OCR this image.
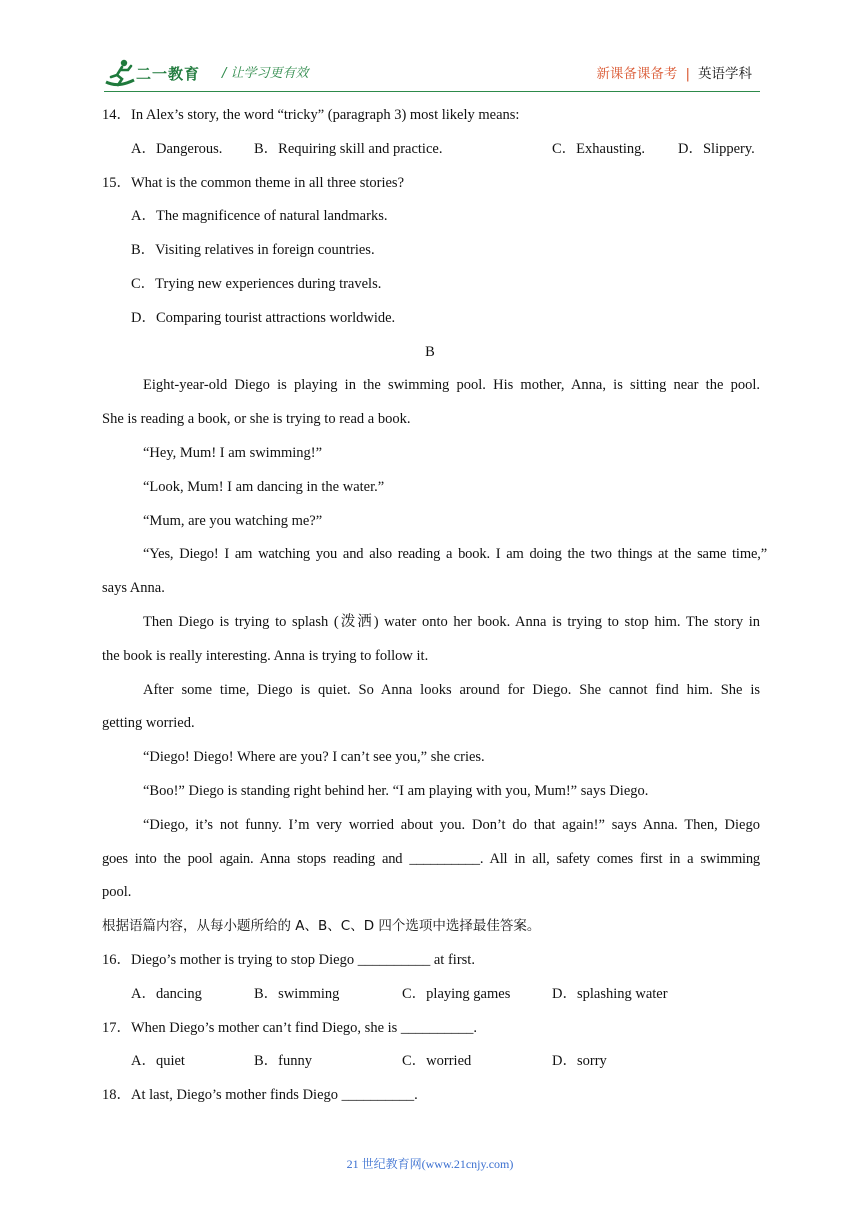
二一教育 / 让学习更有效	新课备课备考 | 英语学科
14．In Alex’s story, the word “tricky” (paragraph 3) most likely means:
A．Dangerous. B．Requiring skill and practice.	C．Exhausting. D．Slippery.
15．What is the common theme in all three stories?
A．The magnificence of natural landmarks.
B．Visiting relatives in foreign countries.
C．Trying new experiences during travels.
D．Comparing tourist attractions worldwide.
B
Eight-year-old Diego is playing in the swimming pool. His mother, Anna, is sitting near the pool.
She is reading a book, or she is trying to read a book.
“Hey, Mum! I am swimming!”
“Look, Mum! I am dancing in the water.”
“Mum, are you watching me?”
“Yes, Diego! I am watching you and also reading a book. I am doing the two things at the same time,”
says Anna.
Then Diego is trying to splash (泼洒) water onto her book. Anna is trying to stop him. The story in
the book is really interesting. Anna is trying to follow it.
After some time, Diego is quiet. So Anna looks around for Diego. She cannot find him. She is
getting worried.
“Diego! Diego! Where are you? I can’t see you,” she cries.
“Boo!” Diego is standing right behind her. “I am playing with you, Mum!” says Diego.
“Diego, it’s not funny. I’m very worried about you. Don’t do that again!” says Anna. Then, Diego
goes into the pool again. Anna stops reading and __________. All in all, safety comes first in a swimming
pool.
根据语篇内容，从每小题所给的 A、B、C、D 四个选项中选择最佳答案。
16．Diego’s mother is trying to stop Diego __________ at first.
A．dancing	B．swimming	C．playing games	D．splashing water
17．When Diego’s mother can’t find Diego, she is __________.
A．quiet	B．funny	C．worried	D．sorry
18．At last, Diego’s mother finds Diego __________.
21 世纪教育网(www.21cnjy.com)
